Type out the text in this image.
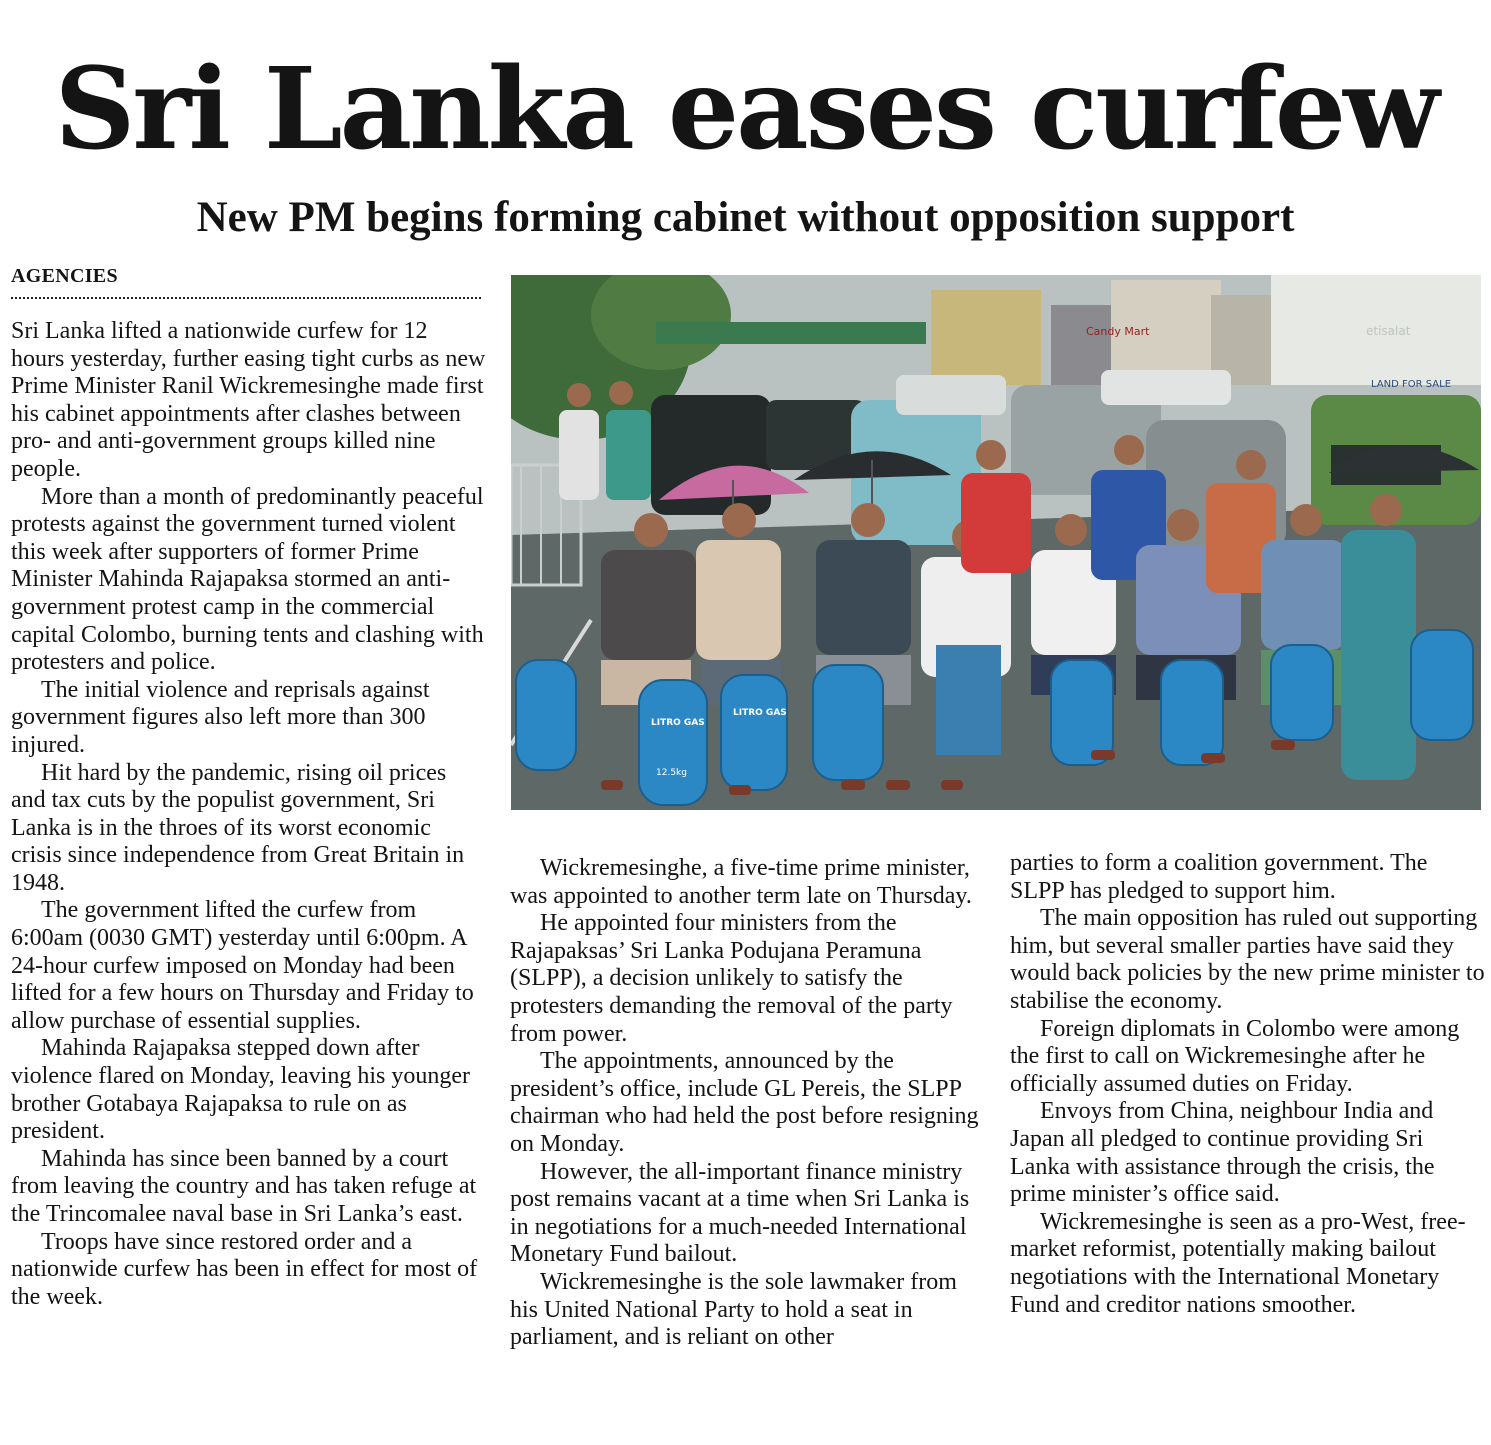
Sri Lanka eases curfew
New PM begins forming cabinet without opposition support
AGENCIES

Sri Lanka lifted a nationwide curfew for 12 hours yesterday, further easing tight curbs as new Prime Minister Ranil Wickremesinghe made first his cabinet appointments after clashes between pro- and anti-government groups killed nine people.

More than a month of predominantly peaceful protests against the government turned violent this week after supporters of former Prime Minister Mahinda Rajapaksa stormed an anti-government protest camp in the commercial capital Colombo, burning tents and clashing with protesters and police.

The initial violence and reprisals against government figures also left more than 300 injured.

Hit hard by the pandemic, rising oil prices and tax cuts by the populist government, Sri Lanka is in the throes of its worst economic crisis since independence from Great Britain in 1948.

The government lifted the curfew from 6:00am (0030 GMT) yesterday until 6:00pm. A 24-hour curfew imposed on Monday had been lifted for a few hours on Thursday and Friday to allow purchase of essential supplies.

Mahinda Rajapaksa stepped down after violence flared on Monday, leaving his younger brother Gotabaya Rajapaksa to rule on as president.

Mahinda has since been banned by a court from leaving the country and has taken refuge at the Trincomalee naval base in Sri Lanka’s east.

Troops have since restored order and a nationwide curfew has been in effect for most of the week.

Candy Mart	etisalat
LAND FOR SALE
LITRO GAS
LITRO GAS
12.5kg

Wickremesinghe, a five-time prime minister, was appointed to another term late on Thursday.

He appointed four ministers from the Rajapaksas’ Sri Lanka Podujana Peramuna (SLPP), a decision unlikely to satisfy the protesters demanding the removal of the party from power.

The appointments, announced by the president’s office, include GL Pereis, the SLPP chairman who had held the post before resigning on Monday.

However, the all-important finance ministry post remains vacant at a time when Sri Lanka is in negotiations for a much-needed International Monetary Fund bailout.

Wickremesinghe is the sole lawmaker from his United National Party to hold a seat in parliament, and is reliant on other

parties to form a coalition government. The SLPP has pledged to support him.

The main opposition has ruled out supporting him, but several smaller parties have said they would back policies by the new prime minister to stabilise the economy.

Foreign diplomats in Colombo were among the first to call on Wickremesinghe after he officially assumed duties on Friday.

Envoys from China, neighbour India and Japan all pledged to continue providing Sri Lanka with assistance through the crisis, the prime minister’s office said.

Wickremesinghe is seen as a pro-West, free-market reformist, potentially making bailout negotiations with the International Monetary Fund and creditor nations smoother.
